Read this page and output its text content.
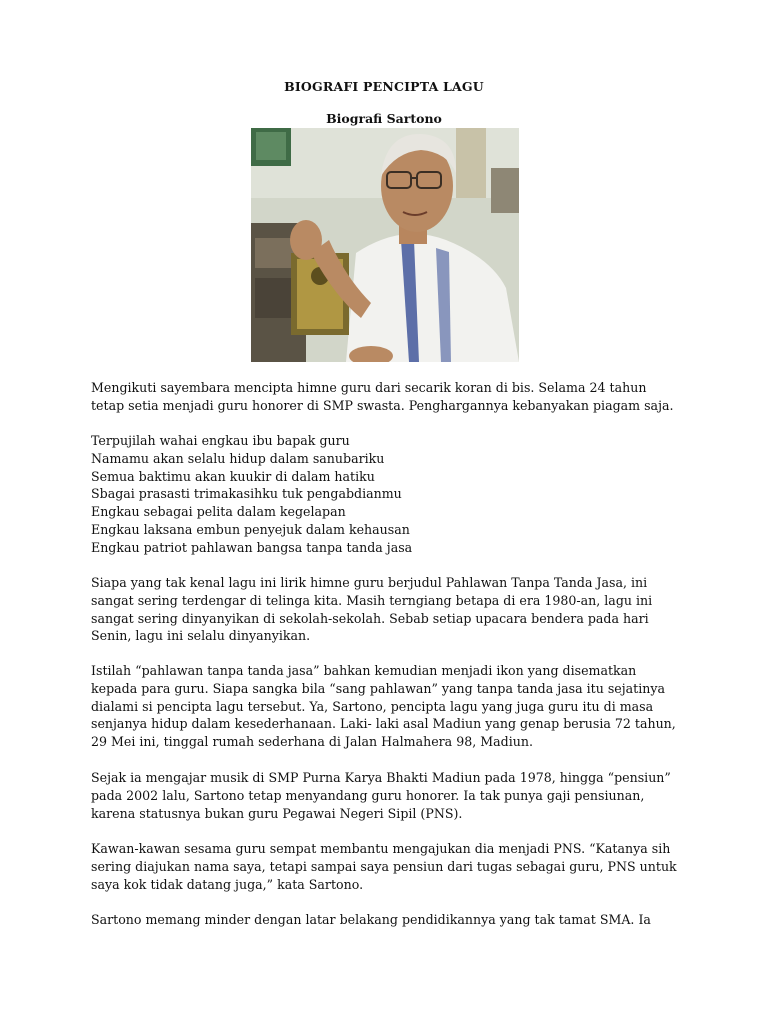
BIOGRAFI PENCIPTA LAGU
Biografi Sartono

Mengikuti sayembara mencipta himne guru dari secarik koran di bis. Selama 24 tahun

tetap setia menjadi guru honorer di SMP swasta. Penghargannya kebanyakan piagam saja.

Terpujilah wahai engkau ibu bapak guru

Namamu akan selalu hidup dalam sanubariku

Semua baktimu akan kuukir di dalam hatiku

Sbagai prasasti trimakasihku tuk pengabdianmu

Engkau sebagai pelita dalam kegelapan

Engkau laksana embun penyejuk dalam kehausan

Engkau patriot pahlawan bangsa tanpa tanda jasa

Siapa yang tak kenal lagu ini lirik himne guru berjudul Pahlawan Tanpa Tanda Jasa, ini

sangat sering terdengar di telinga kita. Masih terngiang betapa di era 1980-an, lagu ini

sangat sering dinyanyikan di sekolah-sekolah. Sebab setiap upacara bendera pada hari

Senin, lagu ini selalu dinyanyikan.

Istilah “pahlawan tanpa tanda jasa” bahkan kemudian menjadi ikon yang disematkan

kepada para guru. Siapa sangka bila “sang pahlawan” yang tanpa tanda jasa itu sejatinya

dialami si pencipta lagu tersebut. Ya, Sartono, pencipta lagu yang juga guru itu di masa

senjanya hidup dalam kesederhanaan. Laki- laki asal Madiun yang genap berusia 72 tahun,

29 Mei ini, tinggal rumah sederhana di Jalan Halmahera 98, Madiun.

Sejak ia mengajar musik di SMP Purna Karya Bhakti Madiun pada 1978, hingga “pensiun”

pada 2002 lalu, Sartono tetap menyandang guru honorer. Ia tak punya gaji pensiunan,

karena statusnya bukan guru Pegawai Negeri Sipil (PNS).

Kawan-kawan sesama guru sempat membantu mengajukan dia menjadi PNS. “Katanya sih

sering diajukan nama saya, tetapi sampai saya pensiun dari tugas sebagai guru, PNS untuk

saya kok tidak datang juga,” kata Sartono.

Sartono memang minder dengan latar belakang pendidikannya yang tak tamat SMA. Ia
